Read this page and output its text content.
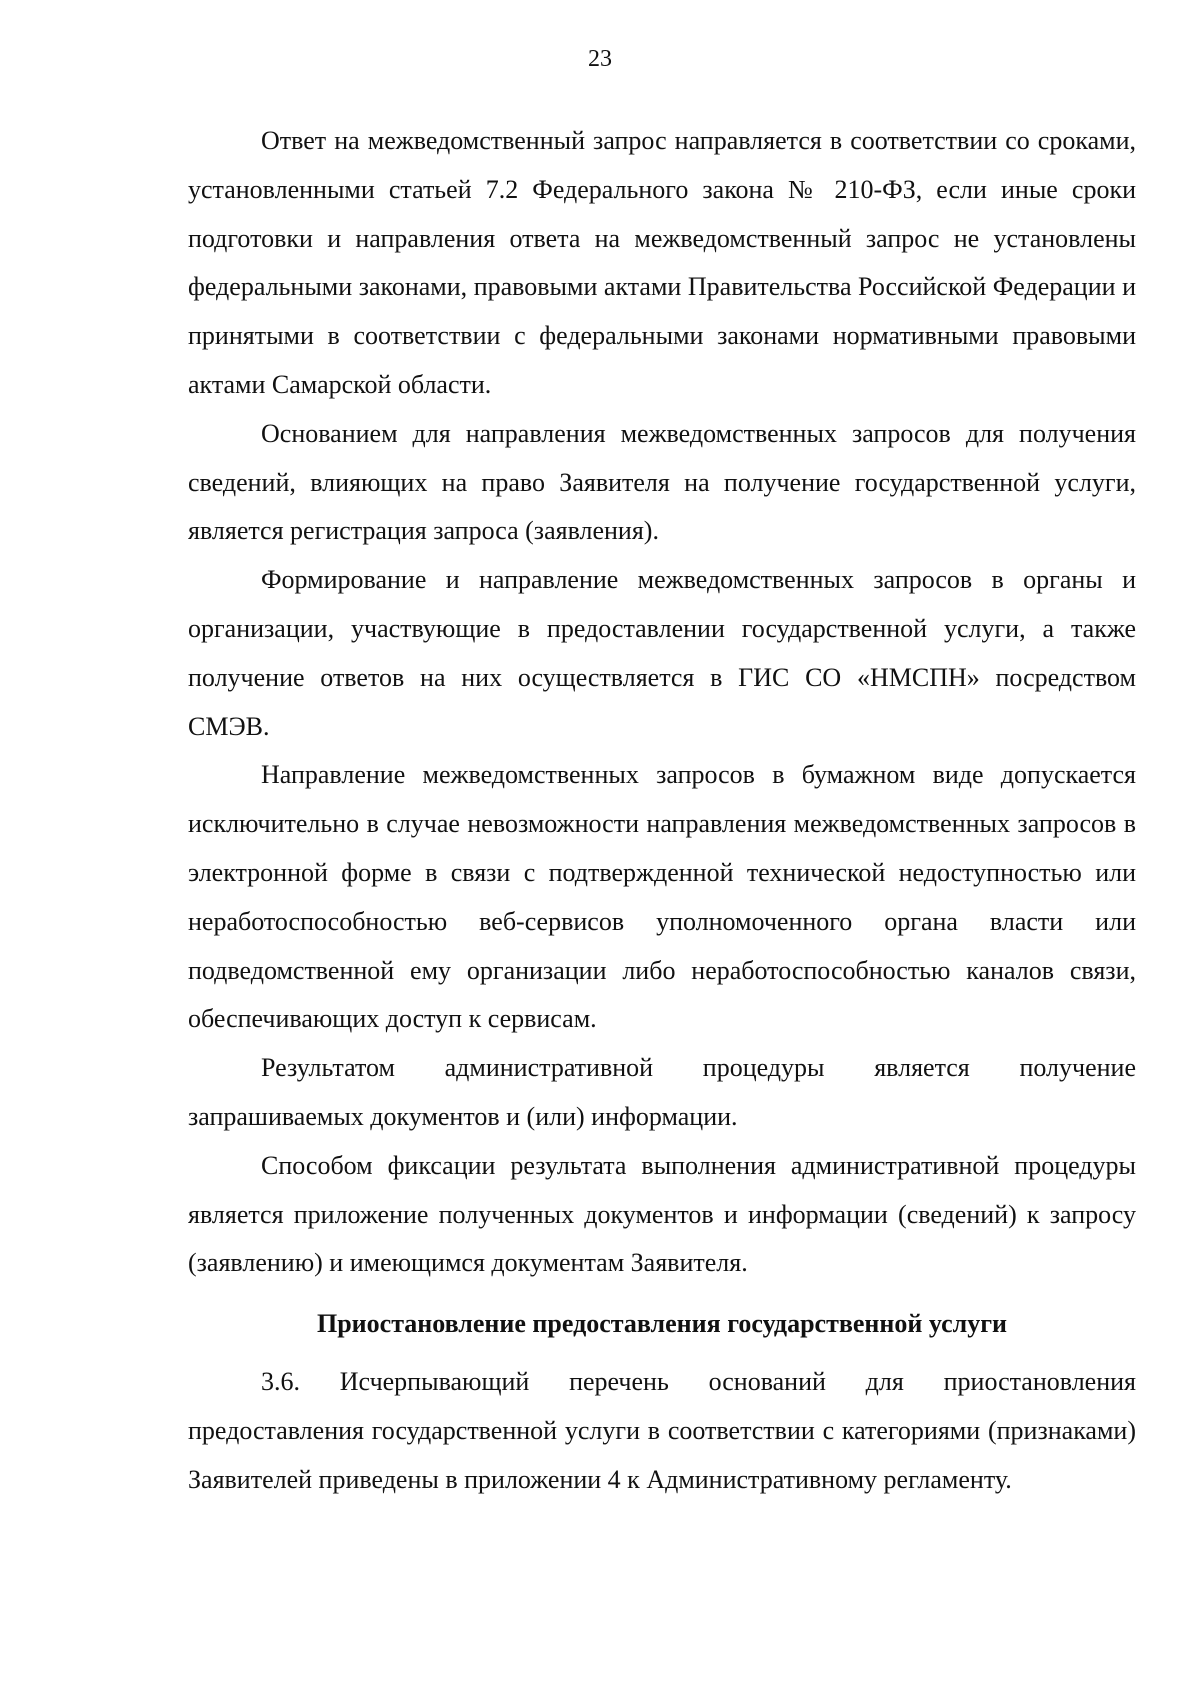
23

Ответ на межведомственный запрос направляется в соответствии со сроками, установленными статьей 7.2 Федерального закона № 210-ФЗ, если иные сроки подготовки и направления ответа на межведомственный запрос не установлены федеральными законами, правовыми актами Правительства Российской Федерации и принятыми в соответствии с федеральными законами нормативными правовыми актами Самарской области.

Основанием для направления межведомственных запросов для получения сведений, влияющих на право Заявителя на получение государственной услуги, является регистрация запроса (заявления).

Формирование и направление межведомственных запросов в органы и организации, участвующие в предоставлении государственной услуги, а также получение ответов на них осуществляется в ГИС СО «НМСПН» посредством СМЭВ.

Направление межведомственных запросов в бумажном виде допускается исключительно в случае невозможности направления межведомственных запросов в электронной форме в связи с подтвержденной технической недоступностью или неработоспособностью веб-сервисов уполномоченного органа власти или подведомственной ему организации либо неработоспособностью каналов связи, обеспечивающих доступ к сервисам.

Результатом административной процедуры является получение запрашиваемых документов и (или) информации.

Способом фиксации результата выполнения административной процедуры является приложение полученных документов и информации (сведений) к запросу (заявлению) и имеющимся документам Заявителя.

Приостановление предоставления государственной услуги

3.6. Исчерпывающий перечень оснований для приостановления предоставления государственной услуги в соответствии с категориями (признаками) Заявителей приведены в приложении 4 к Административному регламенту.
